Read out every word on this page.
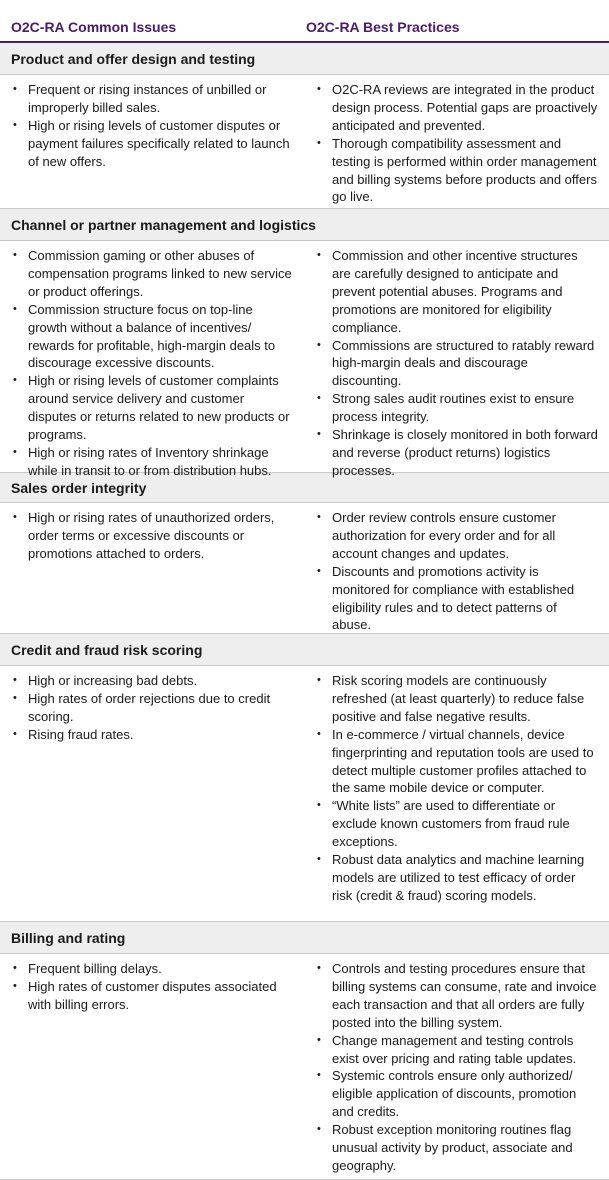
O2C-RA Common Issues	O2C-RA Best Practices
Product and offer design and testing
• Frequent or rising instances of unbilled or improperly billed sales.
• High or rising levels of customer disputes or payment failures specifically related to launch of new offers.
• O2C-RA reviews are integrated in the product design process. Potential gaps are proactively anticipated and prevented.
• Thorough compatibility assessment and testing is performed within order management and billing systems before products and offers go live.
Channel or partner management and logistics
• Commission gaming or other abuses of compensation programs linked to new service or product offerings.
• Commission structure focus on top-line growth without a balance of incentives/ rewards for profitable, high-margin deals to discourage excessive discounts.
• High or rising levels of customer complaints around service delivery and customer disputes or returns related to new products or programs.
• High or rising rates of Inventory shrinkage while in transit to or from distribution hubs.
• Commission and other incentive structures are carefully designed to anticipate and prevent potential abuses. Programs and promotions are monitored for eligibility compliance.
• Commissions are structured to ratably reward high-margin deals and discourage discounting.
• Strong sales audit routines exist to ensure process integrity.
• Shrinkage is closely monitored in both forward and reverse (product returns) logistics processes.
Sales order integrity
• High or rising rates of unauthorized orders, order terms or excessive discounts or promotions attached to orders.
• Order review controls ensure customer authorization for every order and for all account changes and updates.
• Discounts and promotions activity is monitored for compliance with established eligibility rules and to detect patterns of abuse.
Credit and fraud risk scoring
• High or increasing bad debts.
• High rates of order rejections due to credit scoring.
• Rising fraud rates.
• Risk scoring models are continuously refreshed (at least quarterly) to reduce false positive and false negative results.
• In e-commerce / virtual channels, device fingerprinting and reputation tools are used to detect multiple customer profiles attached to the same mobile device or computer.
• “White lists” are used to differentiate or exclude known customers from fraud rule exceptions.
• Robust data analytics and machine learning models are utilized to test efficacy of order risk (credit & fraud) scoring models.
Billing and rating
• Frequent billing delays.
• High rates of customer disputes associated with billing errors.
• Controls and testing procedures ensure that billing systems can consume, rate and invoice each transaction and that all orders are fully posted into the billing system.
• Change management and testing controls exist over pricing and rating table updates.
• Systemic controls ensure only authorized/ eligible application of discounts, promotion and credits.
• Robust exception monitoring routines flag unusual activity by product, associate and geography.
